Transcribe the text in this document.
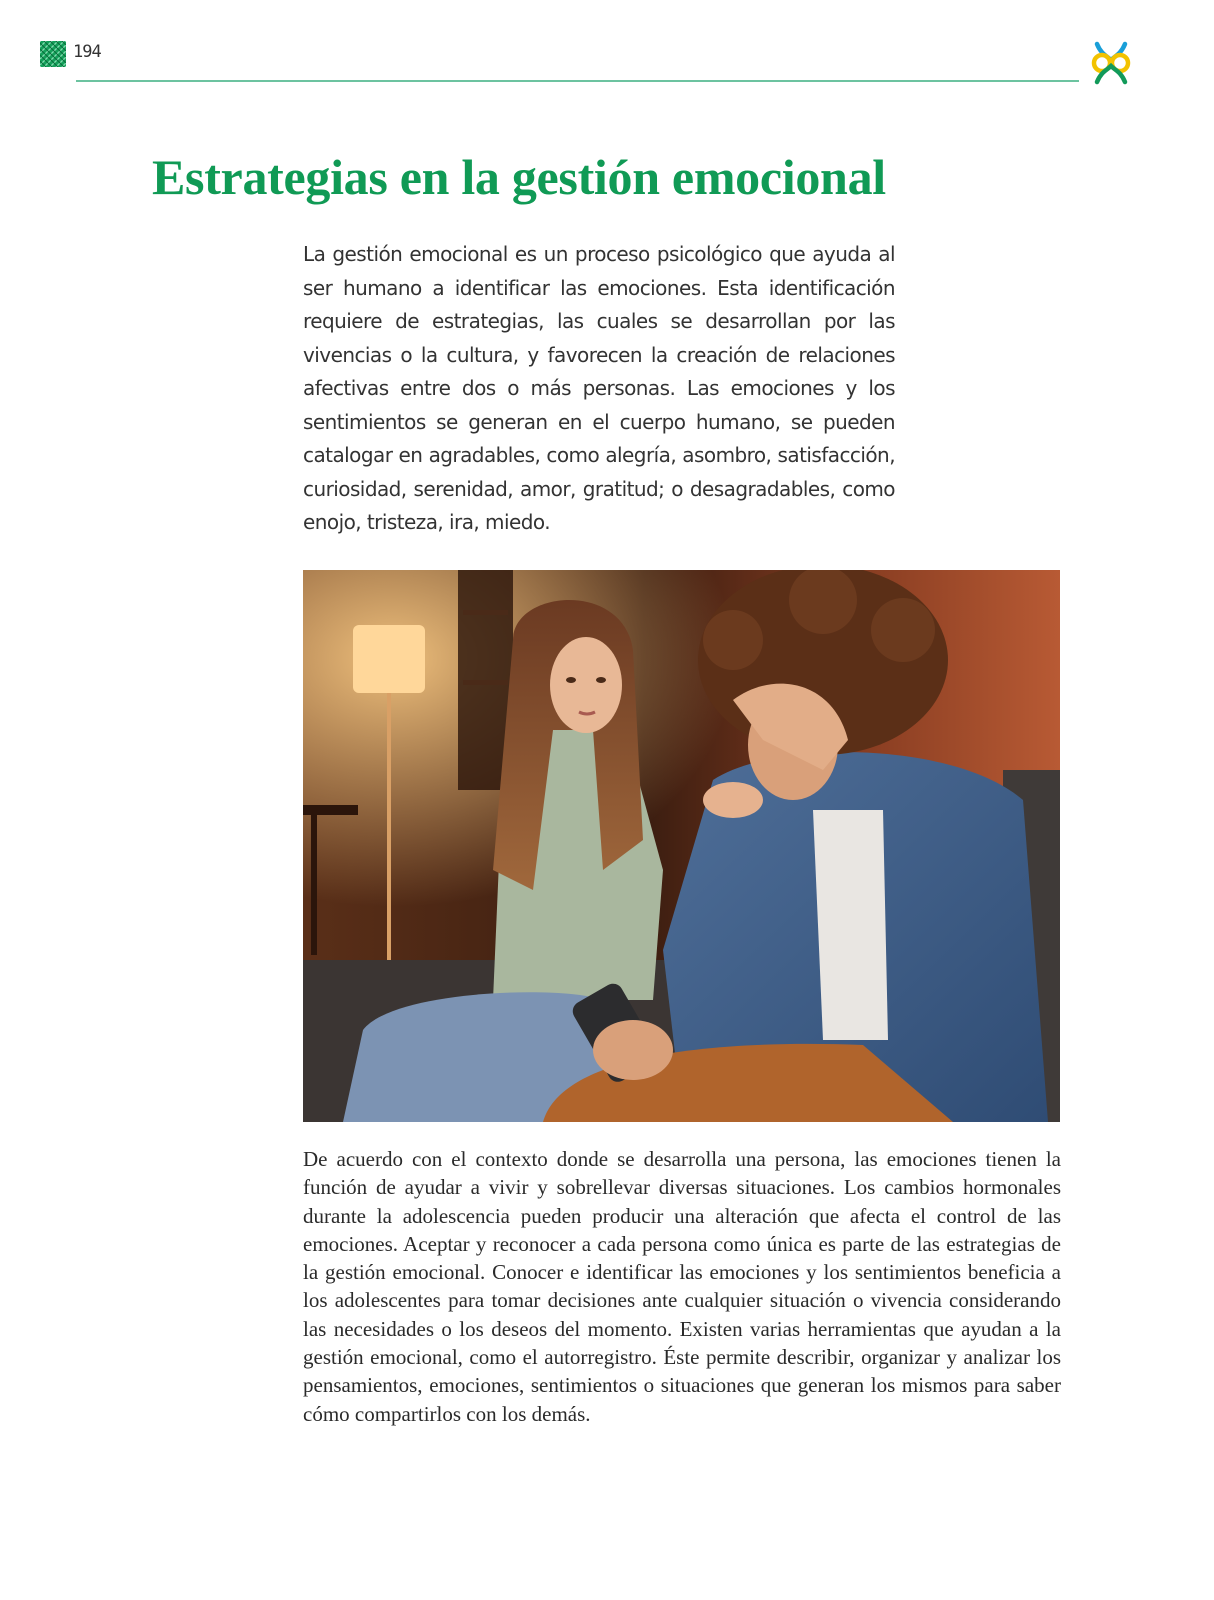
194
Estrategias en la gestión emocional

La gestión emocional es un proceso psicológico que ayuda al ser humano a identificar las emociones. Esta identificación requiere de estrategias, las cuales se desarrollan por las vivencias o la cultura, y favorecen la creación de relaciones afectivas entre dos o más personas. Las emociones y los sentimientos se generan en el cuerpo humano, se pueden catalogar en agradables, como alegría, asombro, satisfacción, curiosidad, serenidad, amor, gratitud; o desagradables, como enojo, tristeza, ira, miedo.

De acuerdo con el contexto donde se desarrolla una persona, las emociones tienen la función de ayudar a vivir y sobrellevar diversas situaciones. Los cambios hormonales durante la adolescencia pueden producir una alteración que afecta el control de las emociones. Aceptar y reconocer a cada persona como única es parte de las estrategias de la gestión emocional. Conocer e identificar las emociones y los sentimientos beneficia a los adolescentes para tomar decisiones ante cualquier situación o vivencia considerando las necesidades o los deseos del momento. Existen varias herramientas que ayudan a la gestión emocional, como el autorregistro. Éste permite describir, organizar y analizar los pensamientos, emociones, sentimientos o situaciones que generan los mismos para saber cómo compartirlos con los demás.
